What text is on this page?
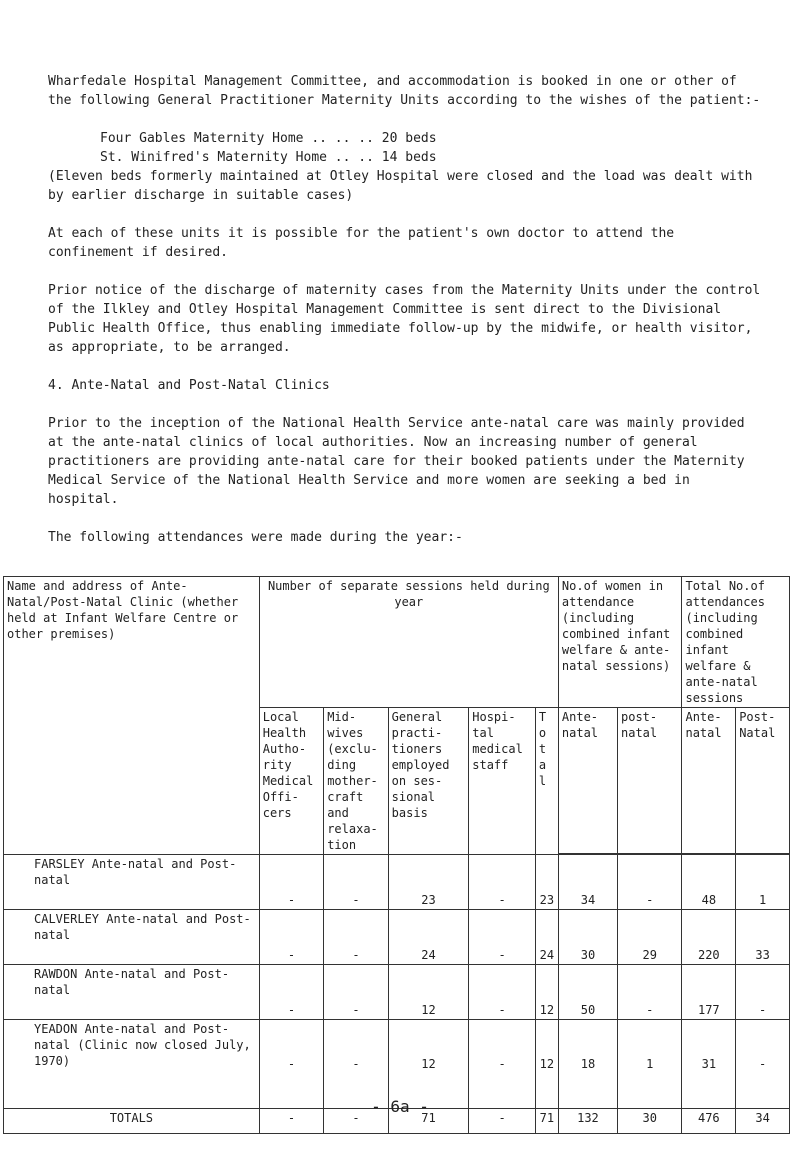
Wharfedale Hospital Management Committee, and accommodation is booked in one or other of the following General Practitioner Maternity Units according to the wishes of the patient:-

Four Gables Maternity Home .. .. .. 20 beds

St. Winifred's Maternity Home .. .. 14 beds

(Eleven beds formerly maintained at Otley Hospital were closed and the load was dealt with by earlier discharge in suitable cases)

At each of these units it is possible for the patient's own doctor to attend the confinement if desired.

Prior notice of the discharge of maternity cases from the Maternity Units under the control of the Ilkley and Otley Hospital Management Committee is sent direct to the Divisional Public Health Office, thus enabling immediate follow-up by the midwife, or health visitor, as appropriate, to be arranged.

4. Ante-Natal and Post-Natal Clinics

Prior to the inception of the National Health Service ante-natal care was mainly provided at the ante-natal clinics of local authorities. Now an increasing number of general practitioners are providing ante-natal care for their booked patients under the Maternity Medical Service of the National Health Service and more women are seeking a bed in hospital.

The following attendances were made during the year:-

Name and address of Ante-Natal/Post-Natal Clinic (whether held at Infant Welfare Centre or other premises)	Number of separate sessions held during year					No.of women in attendance (including combined infant welfare & ante-natal sessions)		Total No.of attendances (including combined infant welfare & ante-natal sessions	
	Local Health Autho- rity Medical Offi- cers	Mid- wives (exclu- ding mother- craft and relaxa- tion	General practi- tioners employed on ses- sional basis	Hospi- tal medical staff	T o t a l	Ante- natal	post- natal	Ante- natal	Post- Natal

FARSLEY Ante-natal and Post-natal	-	-	23	-	23	34	-	48	1
CALVERLEY Ante-natal and Post-natal	-	-	24	-	24	30	29	220	33
RAWDON Ante-natal and Post-natal	-	-	12	-	12	50	-	177	-
YEADON Ante-natal and Post-natal (Clinic now closed July, 1970)	-	-	12	-	12	18	1	31	-
TOTALS	-	-	71	-	71	132	30	476	34
- 6a -
